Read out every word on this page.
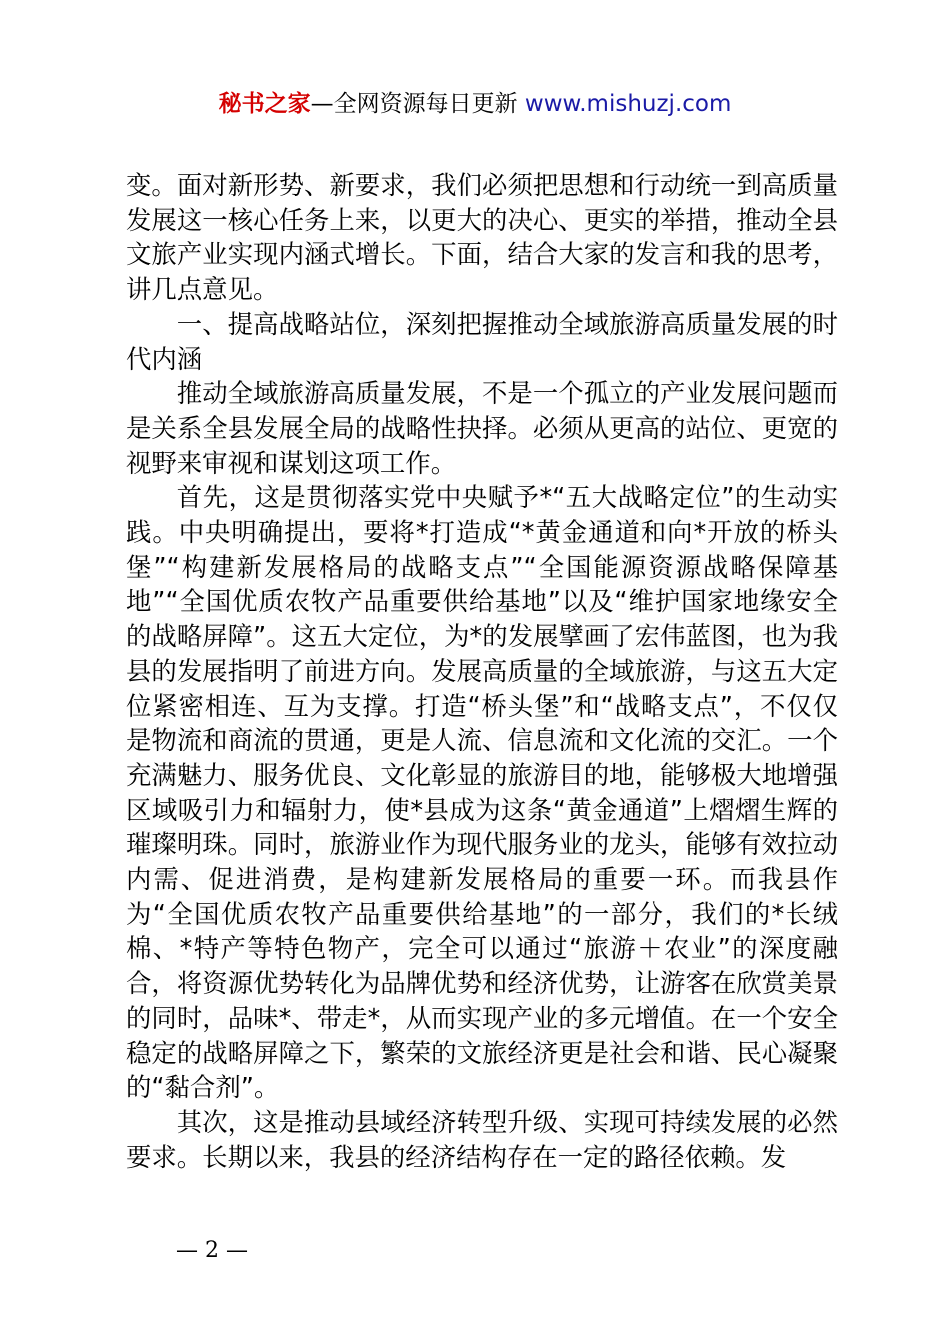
秘书之家—全网资源每日更新 www.mishuzj.com

变。面对新形势、新要求，我们必须把思想和行动统一到高质量发展这一核心任务上来，以更大的决心、更实的举措，推动全县文旅产业实现内涵式增长。下面，结合大家的发言和我的思考，讲几点意见。

一、提高战略站位，深刻把握推动全域旅游高质量发展的时代内涵

推动全域旅游高质量发展，不是一个孤立的产业发展问题而是关系全县发展全局的战略性抉择。必须从更高的站位、更宽的视野来审视和谋划这项工作。

首先，这是贯彻落实党中央赋予*“五大战略定位”的生动实践。中央明确提出，要将*打造成“*黄金通道和向*开放的桥头堡”“构建新发展格局的战略支点”“全国能源资源战略保障基地”“全国优质农牧产品重要供给基地”以及“维护国家地缘安全的战略屏障”。这五大定位，为*的发展擘画了宏伟蓝图，也为我县的发展指明了前进方向。发展高质量的全域旅游，与这五大定位紧密相连、互为支撑。打造“桥头堡”和“战略支点”，不仅仅是物流和商流的贯通，更是人流、信息流和文化流的交汇。一个充满魅力、服务优良、文化彰显的旅游目的地，能够极大地增强区域吸引力和辐射力，使*县成为这条“黄金通道”上熠熠生辉的璀璨明珠。同时，旅游业作为现代服务业的龙头，能够有效拉动内需、促进消费，是构建新发展格局的重要一环。而我县作为“全国优质农牧产品重要供给基地”的一部分，我们的*长绒棉、*特产等特色物产，完全可以通过“旅游＋农业”的深度融合，将资源优势转化为品牌优势和经济优势，让游客在欣赏美景的同时，品味*、带走*，从而实现产业的多元增值。在一个安全稳定的战略屏障之下，繁荣的文旅经济更是社会和谐、民心凝聚的“黏合剂”。

其次，这是推动县域经济转型升级、实现可持续发展的必然要求。长期以来，我县的经济结构存在一定的路径依赖。发

— 2 —
